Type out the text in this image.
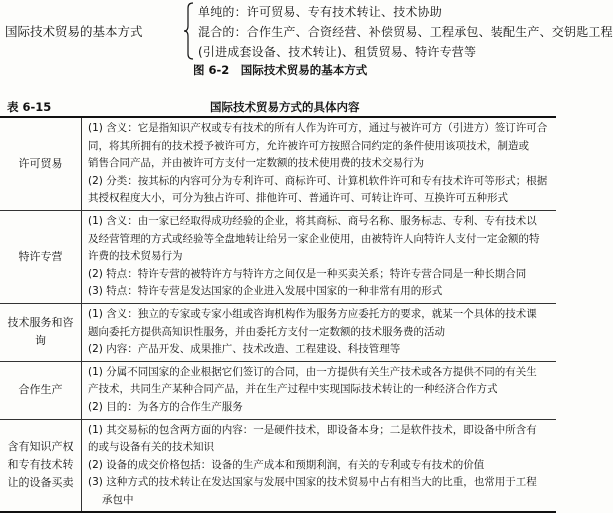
国际技术贸易的基本方式
单纯的：许可贸易、专有技术转让、技术协助
混合的：合作生产、合资经营、补偿贸易、工程承包、装配生产、交钥匙工程
(引进成套设备、技术转让)、租赁贸易、特许专营等
图 6-2　国际技术贸易的基本方式
表 6-15	国际技术贸易方式的具体内容
许可贸易
(1) 含义：它是指知识产权或专有技术的所有人作为许可方，通过与被许可方（引进方）签订许可合
同，将其所拥有的技术授予被许可方，允许被许可方按照合同约定的条件使用该项技术，制造或
销售合同产品，并由被许可方支付一定数额的技术使用费的技术交易行为
(2) 分类：按其标的内容可分为专利许可、商标许可、计算机软件许可和专有技术许可等形式；根据
其授权程度大小，可分为独占许可、排他许可、普通许可、可转让许可、互换许可五种形式
特许专营
(1) 含义：由一家已经取得成功经验的企业，将其商标、商号名称、服务标志、专利、专有技术以
及经营管理的方式或经验等全盘地转让给另一家企业使用，由被特许人向特许人支付一定金额的特
许费的技术贸易行为
(2) 特点：特许专营的被特许方与特许方之间仅是一种买卖关系；特许专营合同是一种长期合同
(3) 特点：特许专营是发达国家的企业进入发展中国家的一种非常有用的形式
技术服务和咨询
(1) 含义：独立的专家或专家小组或咨询机构作为服务方应委托方的要求，就某一个具体的技术课
题向委托方提供高知识性服务，并由委托方支付一定数额的技术服务费的活动
(2) 内容：产品开发、成果推广、技术改造、工程建设、科技管理等
合作生产
(1) 分属不同国家的企业根据它们签订的合同，由一方提供有关生产技术或各方提供不同的有关生
产技术，共同生产某种合同产品，并在生产过程中实现国际技术转让的一种经济合作方式
(2) 目的：为各方的合作生产服务
含有知识产权和专有技术转让的设备买卖
(1) 其交易标的包含两方面的内容：一是硬件技术，即设备本身；二是软件技术，即设备中所含有
的或与设备有关的技术知识
(2) 设备的成交价格包括：设备的生产成本和预期利润，有关的专利或专有技术的价值
(3) 这种方式的技术转让在发达国家与发展中国家的技术贸易中占有相当大的比重，也常用于工程
承包中
